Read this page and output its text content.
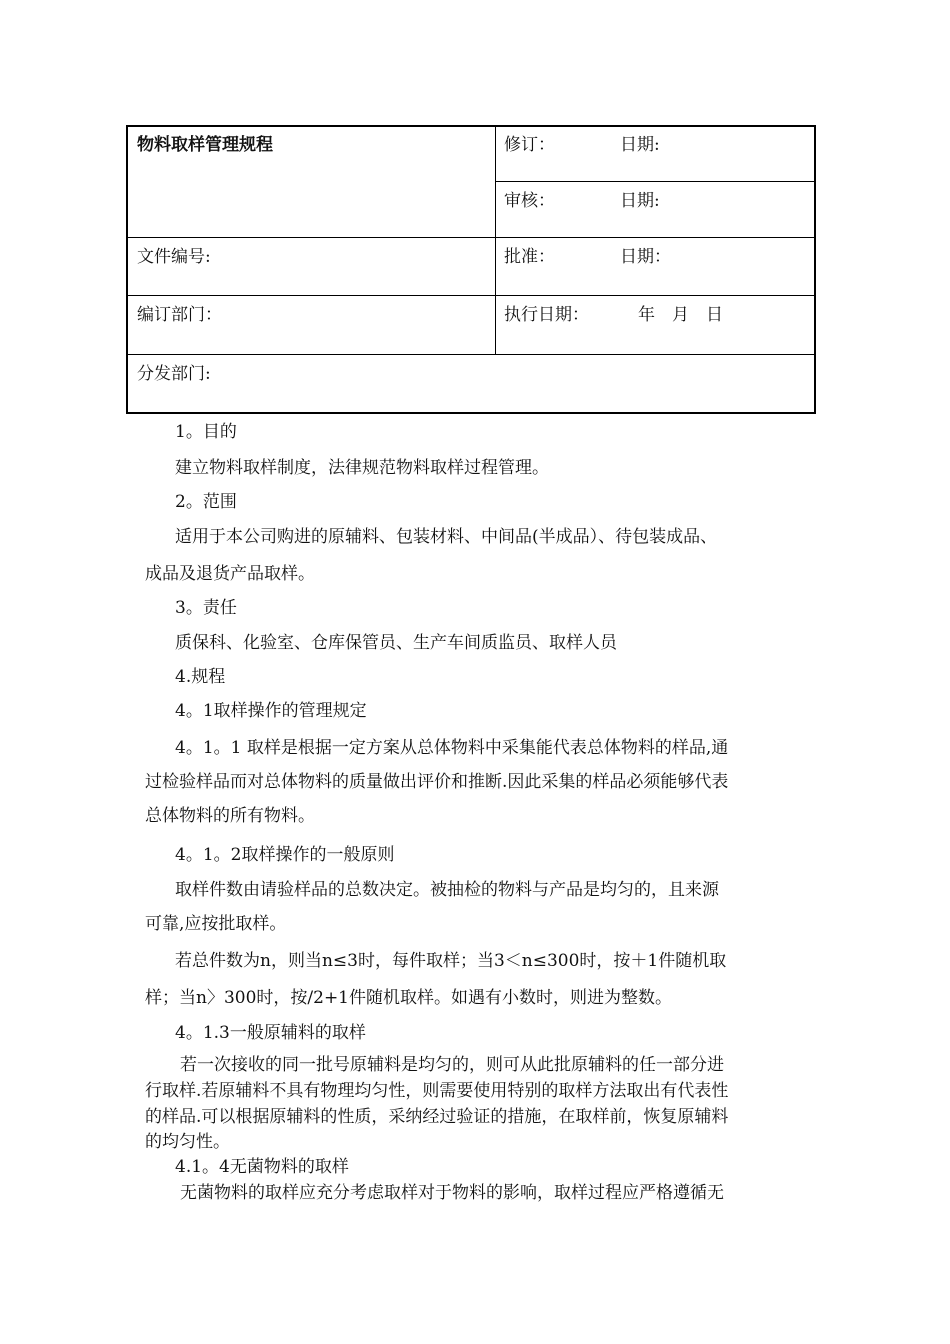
物料取样管理规程	修订：	日期:
审核：	日期:
文件编号:	批准：	日期：
编订部门：	执行日期：	年　月　日
分发部门:
1。目的
建立物料取样制度，法律规范物料取样过程管理。
2。范围
适用于本公司购进的原辅料、包装材料、中间品(半成品）、待包装成品、
成品及退货产品取样。
3。责任
质保科、化验室、仓库保管员、生产车间质监员、取样人员
4.规程
4。1取样操作的管理规定
4。1。1 取样是根据一定方案从总体物料中采集能代表总体物料的样品,通
过检验样品而对总体物料的质量做出评价和推断.因此采集的样品必须能够代表
总体物料的所有物料。
4。1。2取样操作的一般原则
取样件数由请验样品的总数决定。被抽检的物料与产品是均匀的，且来源
可靠,应按批取样。
若总件数为n，则当n≤3时，每件取样；当3＜n≤300时，按＋1件随机取
样；当n〉300时，按/2+1件随机取样。如遇有小数时，则进为整数。
4。1.3一般原辅料的取样
若一次接收的同一批号原辅料是均匀的，则可从此批原辅料的任一部分进
行取样.若原辅料不具有物理均匀性，则需要使用特别的取样方法取出有代表性
的样品.可以根据原辅料的性质，采纳经过验证的措施，在取样前，恢复原辅料
的均匀性。
4.1。4无菌物料的取样
无菌物料的取样应充分考虑取样对于物料的影响，取样过程应严格遵循无
